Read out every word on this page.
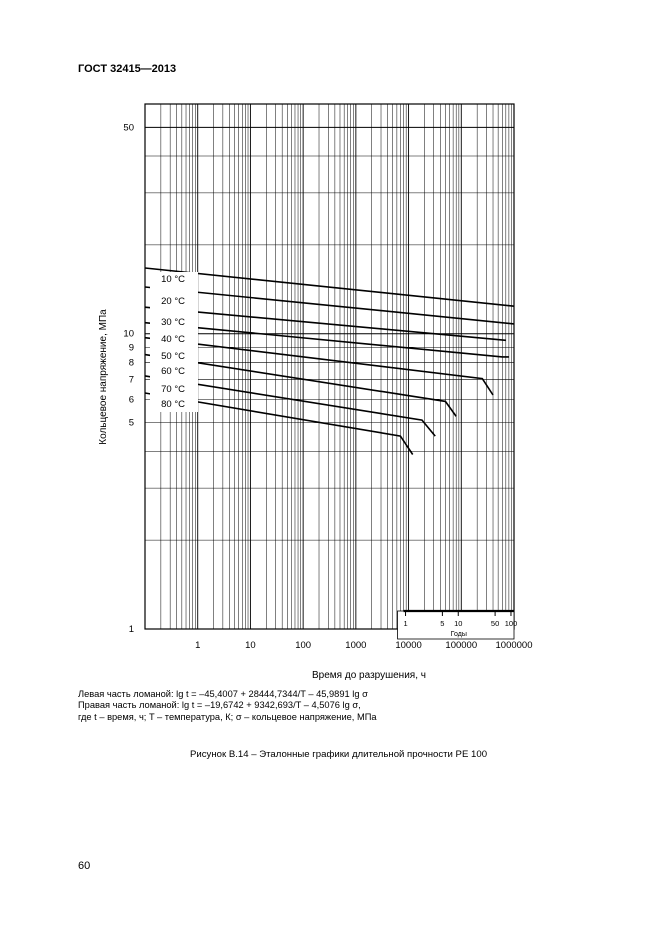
ГОСТ 32415—2013
10 °C
20 °C
30 °C
40 °C
50 °C
60 °C
70 °C
80 °C
1	10	100	1000	10000 100000 1000000
1
5
6
7
8
9
10
50
1	5 10	50 100
Годы
Время до разрушения, ч
Кольцевое напряжение, МПа
Левая часть ломаной: lg t = –45,4007 + 28444,7344/T – 45,9891 lg σ
Правая часть ломаной: lg t = –19,6742 + 9342,693/T – 4,5076 lg σ,
где t – время, ч; T – температура, К; σ – кольцевое напряжение, МПа
Рисунок В.14 – Эталонные графики длительной прочности РЕ 100
60
